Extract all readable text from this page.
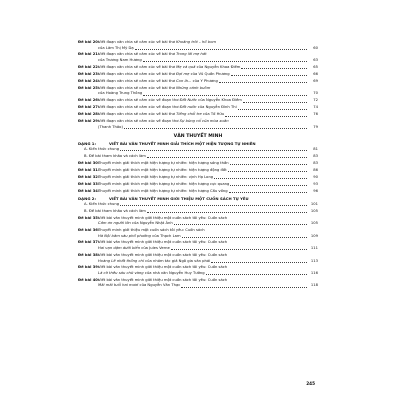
Đề bài 20:
Viết đoạn văn chia sẻ cảm xúc về bài thơ Khoảng trời – hố bom
của Lâm Thị Mỹ Dạ	60
Đề bài 21:
Viết đoạn văn chia sẻ cảm xúc về bài thơ Trong lời mẹ hát
của Trương Nam Hương	63
Đề bài 22:
Viết đoạn văn chia sẻ cảm xúc về bài thơ Mẹ và quả của Nguyễn Khoa Điềm	65
Đề bài 23:
Viết đoạn văn chia sẻ cảm xúc về bài thơ Đợi mẹ của Vũ Quần Phương	66
Đề bài 24:
Viết đoạn văn chia sẻ cảm xúc về bài thơ Con là... của Y Phương	69
Đề bài 25:
Viết đoạn văn chia sẻ cảm xúc về bài thơ Những cánh buồm
của Hoàng Trung Thông	70
Đề bài 26:
Viết đoạn văn chia sẻ cảm xúc về đoạn thơ Đất Nước của Nguyễn Khoa Điềm	72
Đề bài 27:
Viết đoạn văn chia sẻ cảm xúc về đoạn thơ Đất nước của Nguyễn Đình Thi	74
Đề bài 28:
Viết đoạn văn chia sẻ cảm xúc về bài thơ Tiếng chổi tre của Tố Hữu	76
Đề bài 29:
Viết đoạn văn chia sẻ cảm xúc về đoạn thơ Sự bùng nổ của mùa xuân
(Thanh Thảo)	79
VĂN THUYẾT MINH
DẠNG 1:	VIẾT BÀI VĂN THUYẾT MINH GIẢI THÍCH MỘT HIỆN TƯỢNG TỰ NHIÊN
A. Kiến thức chung	81
B. Đề bài tham khảo và cách làm	83
Đề bài 30:
Thuyết minh giải thích một hiện tượng tự nhiên: hiện tượng sóng thần	83
Đề bài 31:
Thuyết minh giải thích một hiện tượng tự nhiên: hiện tượng động đất	86
Đề bài 32:
Thuyết minh giải thích một hiện tượng tự nhiên: vịnh Hạ Long	90
Đề bài 33:
Thuyết minh giải thích một hiện tượng tự nhiên: hiện tượng cực quang	93
Đề bài 34:
Thuyết minh giải thích một hiện tượng tự nhiên: hiện tượng Cầu vồng	96
DẠNG 2:	VIẾT BÀI VĂN THUYẾT MINH GIỚI THIỆU MỘT CUỐN SÁCH TỰ YÊU
A. Kiến thức chung	101
B. Đề bài tham khảo và cách làm	105
Đề bài 35:
Viết bài văn thuyết minh giới thiệu một cuốn sách tôi yêu: Cuốn sách
Cảm ơn người lớn của Nguyễn Nhật Ánh	105
Đề bài 36:
Thuyết minh giới thiệu một cuốn sách tôi yêu: Cuốn sách
Hà Nội băm sáu phố phường của Thạch Lam	109
Đề bài 37:
Viết bài văn thuyết minh giới thiệu một cuốn sách tôi yêu: Cuốn sách
Hai vạn dặm dưới biển của Jules Verne	111
Đề bài 38:
Viết bài văn thuyết minh giới thiệu một cuốn sách tôi yêu: Cuốn sách
Hoàng Lê nhất thống chí của nhóm tác giả Ngô gia văn phái	113
Đề bài 39:
Viết bài văn thuyết minh giới thiệu một cuốn sách tôi yêu: Cuốn sách
Lá cờ thêu sáu chữ vàng của nhà văn Nguyễn Huy Tưởng	116
Đề bài 40:
Viết bài văn thuyết minh giới thiệu một cuốn sách tôi yêu: Cuốn sách
Mãi mãi tuổi hai mươi của Nguyễn Văn Thạc	118
245
